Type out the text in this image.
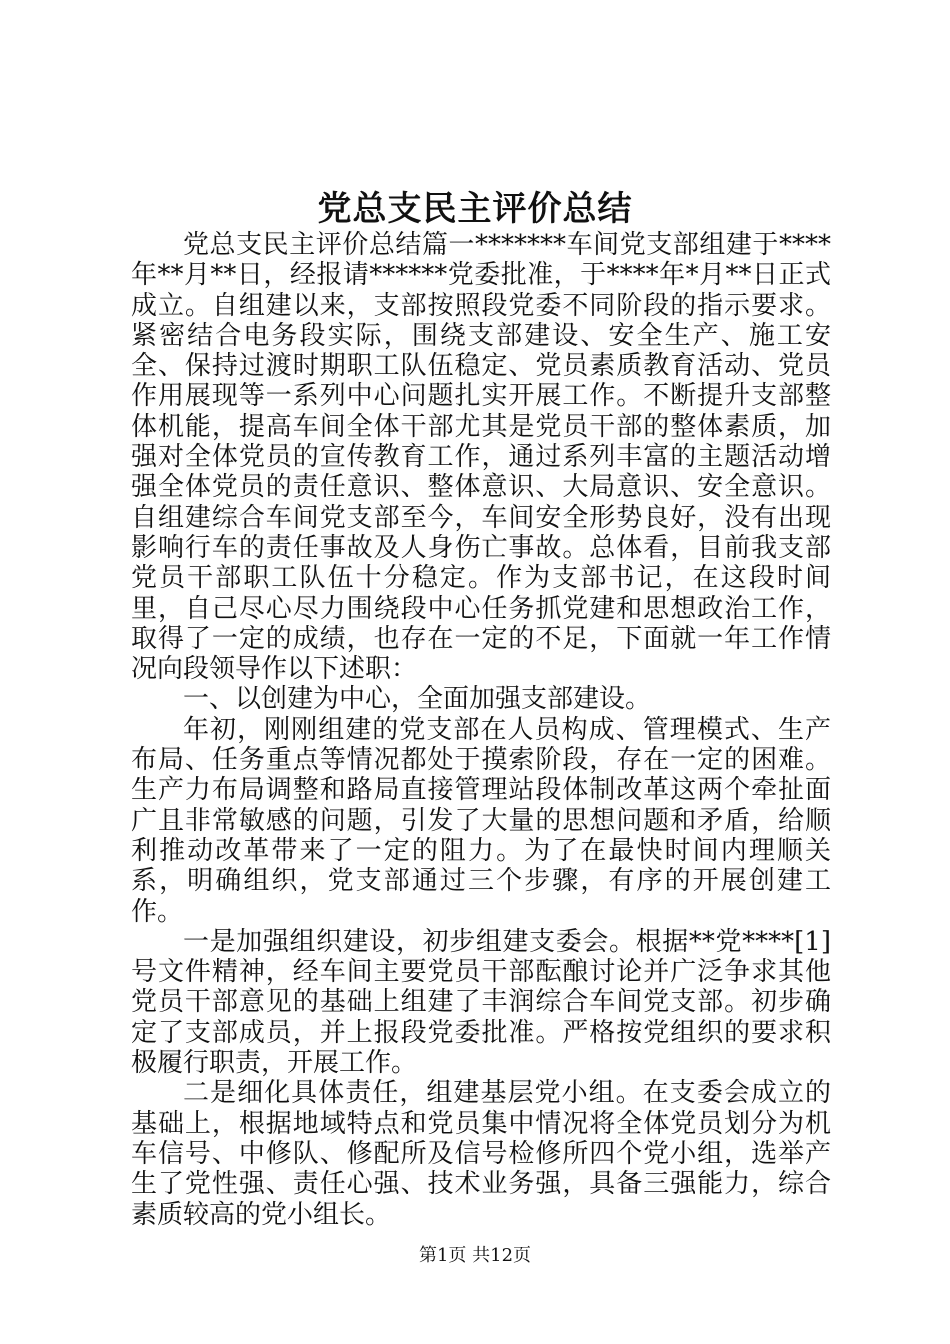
党总支民主评价总结

党总支民主评价总结篇一*******车间党支部组建于****年**月**日，经报请******党委批准，于****年*月**日正式成立。自组建以来，支部按照段党委不同阶段的指示要求。紧密结合电务段实际，围绕支部建设、安全生产、施工安全、保持过渡时期职工队伍稳定、党员素质教育活动、党员作用展现等一系列中心问题扎实开展工作。不断提升支部整体机能，提高车间全体干部尤其是党员干部的整体素质，加强对全体党员的宣传教育工作，通过系列丰富的主题活动增强全体党员的责任意识、整体意识、大局意识、安全意识。自组建综合车间党支部至今，车间安全形势良好，没有出现影响行车的责任事故及人身伤亡事故。总体看，目前我支部党员干部职工队伍十分稳定。作为支部书记，在这段时间里，自己尽心尽力围绕段中心任务抓党建和思想政治工作，取得了一定的成绩，也存在一定的不足，下面就一年工作情况向段领导作以下述职：

一、以创建为中心，全面加强支部建设。

年初，刚刚组建的党支部在人员构成、管理模式、生产布局、任务重点等情况都处于摸索阶段，存在一定的困难。生产力布局调整和路局直接管理站段体制改革这两个牵扯面广且非常敏感的问题，引发了大量的思想问题和矛盾，给顺利推动改革带来了一定的阻力。为了在最快时间内理顺关系，明确组织，党支部通过三个步骤，有序的开展创建工作。

一是加强组织建设，初步组建支委会。根据**党****[1]号文件精神，经车间主要党员干部酝酿讨论并广泛争求其他党员干部意见的基础上组建了丰润综合车间党支部。初步确定了支部成员，并上报段党委批准。严格按党组织的要求积极履行职责，开展工作。

二是细化具体责任，组建基层党小组。在支委会成立的基础上，根据地域特点和党员集中情况将全体党员划分为机车信号、中修队、修配所及信号检修所四个党小组，选举产生了党性强、责任心强、技术业务强，具备三强能力，综合素质较高的党小组长。

第1页 共12页
